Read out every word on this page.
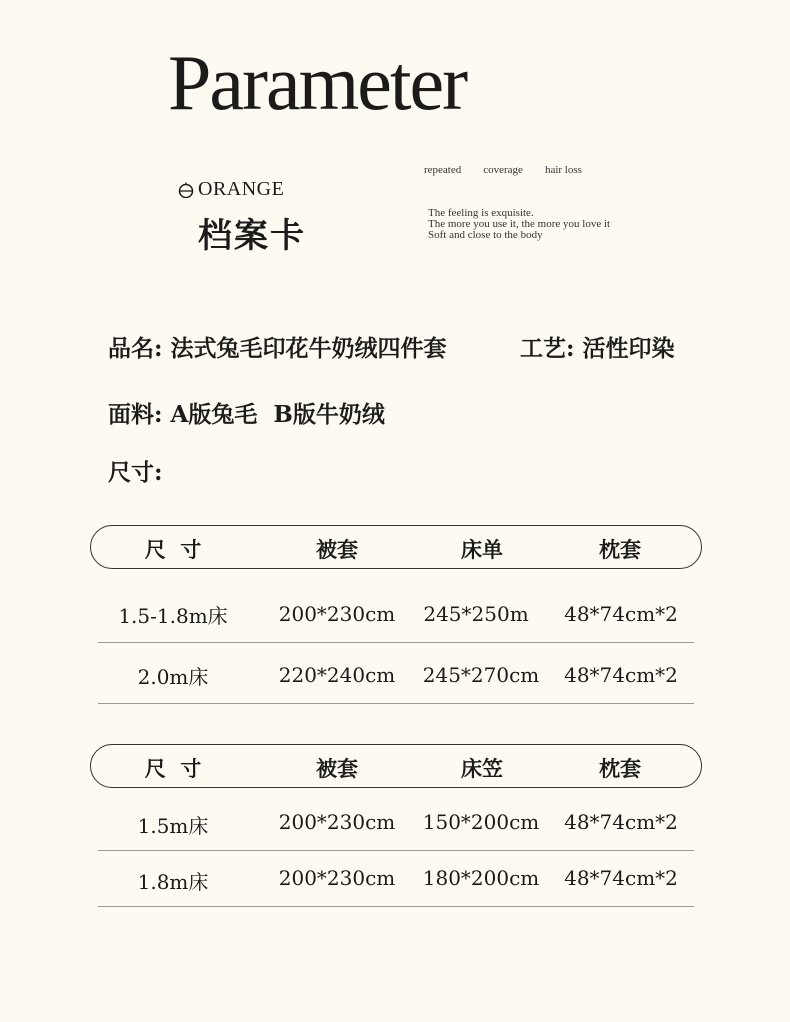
Parameter
ORANGE
档案卡
repeated coverage hair loss
The feeling is exquisite.
The more you use it, the more you love it
Soft and close to the body
品名: 法式兔毛印花牛奶绒四件套	工艺: 活性印染
面料: A版兔毛  B版牛奶绒
尺寸:
尺  寸	被套	床单	枕套
1.5-1.8m床	200*230cm 245*250m 48*74cm*2
2.0m床	220*240cm 245*270cm 48*74cm*2
尺  寸	被套	床笠	枕套
1.5m床	200*230cm 150*200cm 48*74cm*2
1.8m床	200*230cm 180*200cm 48*74cm*2
